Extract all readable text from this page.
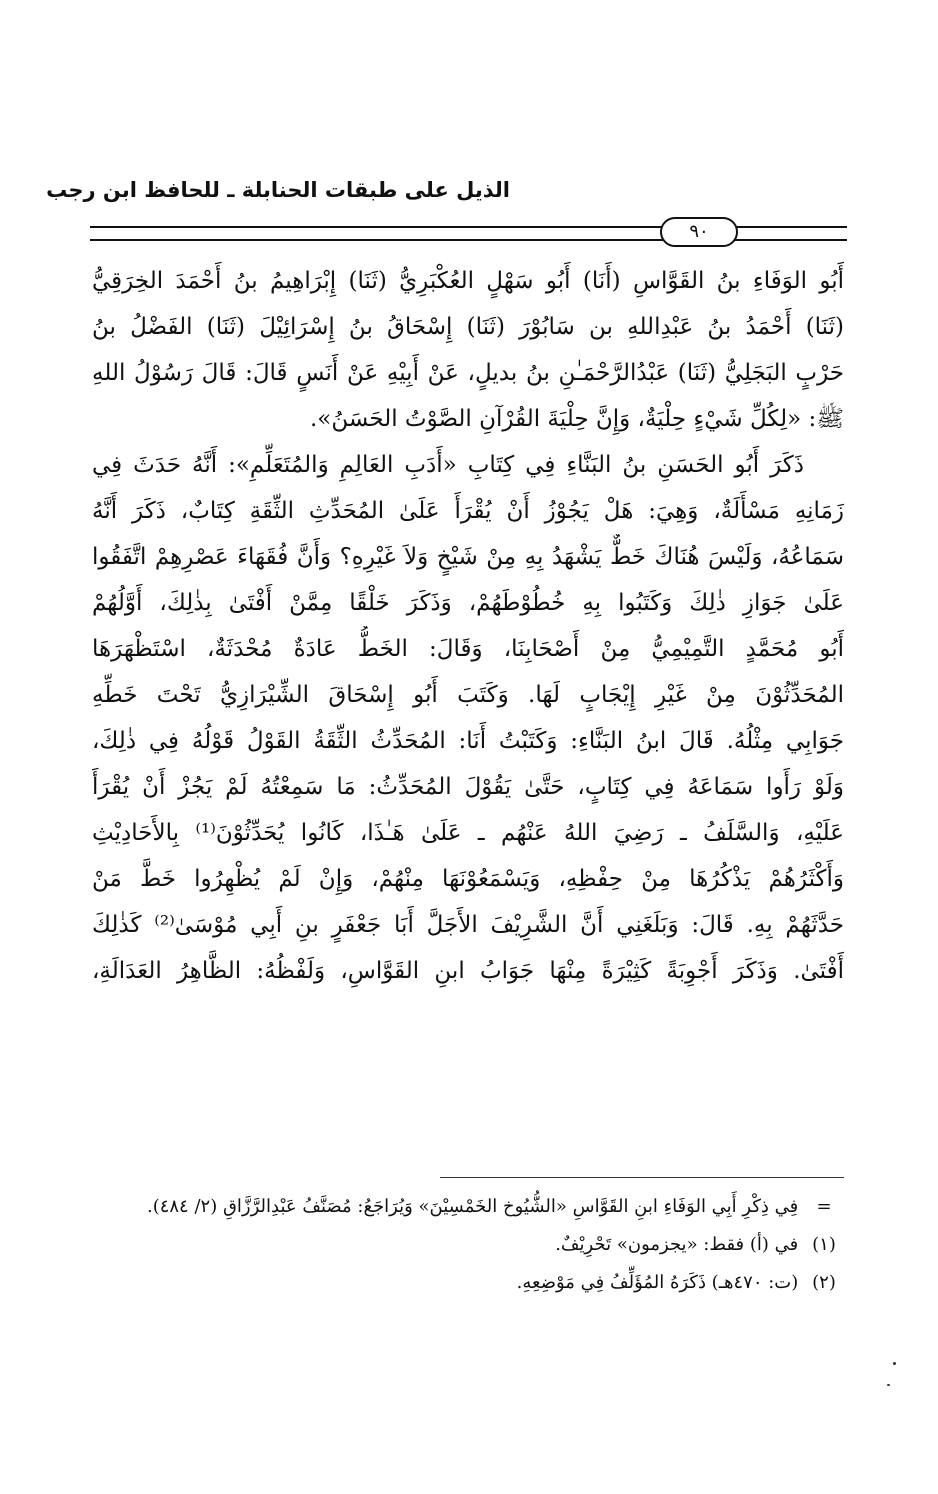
الذيل على طبقات الحنابلة ـ للحافظ ابن رجب
٩٠
أَبُو الوَفَاءِ بنُ القَوَّاسِ (أَنَا) أَبُو سَهْلٍ العُكْبَرِيُّ (ثَنَا) إِبْرَاهِيمُ بنُ أَحْمَدَ الخِرَقِيُّ
(ثَنَا) أَحْمَدُ بنُ عَبْدِاللهِ بن سَابُوْرَ (ثَنَا) إِسْحَاقُ بنُ إِسْرَائِيْلَ (ثَنَا) الفَضْلُ بنُ
حَرْبٍ البَجَلِيُّ (ثَنَا) عَبْدُالرَّحْمَـٰنِ بنُ بديلٍ، عَنْ أَبِيْهِ عَنْ أَنَسٍ قَالَ: قَالَ رَسُوْلُ اللهِ
ﷺ: «لِكُلِّ شَيْءٍ حِلْيَةٌ، وَإِنَّ حِلْيَةَ القُرْآنِ الصَّوْتُ الحَسَنُ».
ذَكَرَ أَبُو الحَسَنِ بنُ البَنَّاءِ فِي كِتَابِ «أَدَبِ العَالِمِ وَالمُتَعَلِّمِ»: أَنَّهُ حَدَثَ فِي
زَمَانِهِ مَسْأَلَةٌ، وَهِيَ: هَلْ يَجُوْزُ أَنْ يُقْرَأَ عَلَىٰ المُحَدِّثِ الثِّقَةِ كِتَابٌ، ذَكَرَ أَنَّهُ
سَمَاعُهُ، وَلَيْسَ هُنَاكَ خَطٌّ يَشْهَدُ بِهِ مِنْ شَيْخٍ وَلاَ غَيْرِهِ؟ وَأَنَّ فُقَهَاءَ عَصْرِهِمْ اتَّفَقُوا
عَلَىٰ جَوَازِ ذٰلِكَ وَكَتَبُوا بِهِ خُطُوْطَهُمْ، وَذَكَرَ خَلْقًا مِمَّنْ أَفْتَىٰ بِذٰلِكَ، أَوَّلُهُمْ
أَبُو مُحَمَّدٍ التَّمِيْمِيُّ مِنْ أَصْحَابِنَا، وَقَالَ: الخَطُّ عَادَةٌ مُحْدَثَةٌ، اسْتَظْهَرَهَا
المُحَدِّثُوْنَ مِنْ غَيْرِ إِيْجَابٍ لَهَا. وَكَتَبَ أَبُو إِسْحَاقَ الشِّيْرَازِيُّ تَحْتَ خَطِّهِ
جَوَابِي مِثْلُهُ. قَالَ ابنُ البَنَّاءِ: وَكَتَبْتُ أَنَا: المُحَدِّثُ الثِّقَةُ القَوْلُ قَوْلُهُ فِي ذٰلِكَ،
وَلَوْ رَأَوا سَمَاعَهُ فِي كِتَابٍ، حَتَّىٰ يَقُوْلَ المُحَدِّثُ: مَا سَمِعْتُهُ لَمْ يَجُزْ أَنْ يُقْرَأَ
عَلَيْهِ، وَالسَّلَفُ ـ رَضِيَ اللهُ عَنْهُم ـ عَلَىٰ هَـٰذَا، كَانُوا يُحَدِّثُوْنَ⁽¹⁾ بِالأَحَادِيْثِ
وَأَكْثَرُهُمْ يَذْكُرُهَا مِنْ حِفْظِهِ، وَيَسْمَعُوْنَهَا مِنْهُمْ، وَإِنْ لَمْ يُظْهِرُوا خَطَّ مَنْ
حَدَّثَهُمْ بِهِ. قَالَ: وَبَلَغَنِي أَنَّ الشَّرِيْفَ الأَجَلَّ أَبَا جَعْفَرٍ بنِ أَبِي مُوْسَىٰ⁽²⁾ كَذٰلِكَ
أَفْتَىٰ. وَذَكَرَ أَجْوِبَةً كَثِيْرَةً مِنْهَا جَوَابُ ابنِ القَوَّاسِ، وَلَفْظُهُ: الظَّاهِرُ العَدَالَةِ،
= فِي ذِكْرِ أَبِي الوَفَاءِ ابنِ القَوَّاسِ «الشُّيُوخ الخَمْسِيْنَ» وَيُرَاجَعُ: مُصَنَّفُ عَبْدِالرَّزَّاقِ (٢/ ٤٨٤).
(١) في (أ) فقط: «يجزمون» تَحْرِيْفٌ.
(٢) (ت: ٤٧٠هـ) ذَكَرَهُ المُؤَلِّفُ فِي مَوْضِعِهِ.
